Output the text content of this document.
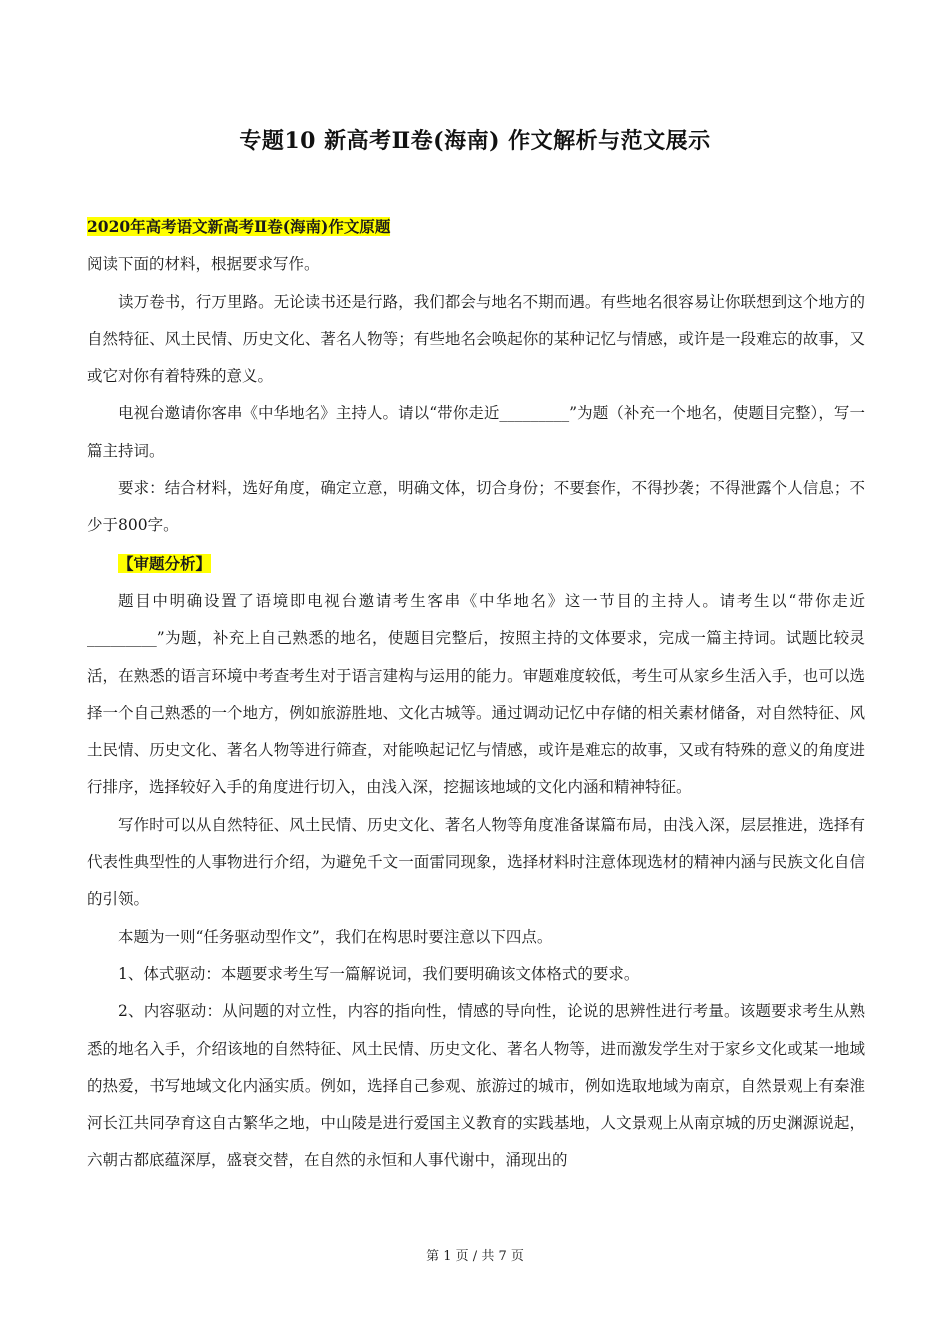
专题10 新高考Ⅱ卷(海南) 作文解析与范文展示

2020年高考语文新高考Ⅱ卷(海南)作文原题

阅读下面的材料，根据要求写作。

读万卷书，行万里路。无论读书还是行路，我们都会与地名不期而遇。有些地名很容易让你联想到这个地方的自然特征、风土民情、历史文化、著名人物等；有些地名会唤起你的某种记忆与情感，或许是一段难忘的故事，又或它对你有着特殊的意义。

电视台邀请你客串《中华地名》主持人。请以“带你走近_________”为题（补充一个地名，使题目完整），写一篇主持词。

要求：结合材料，选好角度，确定立意，明确文体，切合身份；不要套作，不得抄袭；不得泄露个人信息；不少于800字。

【审题分析】

题目中明确设置了语境即电视台邀请考生客串《中华地名》这一节目的主持人。请考生以“带你走近_________”为题，补充上自己熟悉的地名，使题目完整后，按照主持的文体要求，完成一篇主持词。试题比较灵活，在熟悉的语言环境中考查考生对于语言建构与运用的能力。审题难度较低，考生可从家乡生活入手，也可以选择一个自己熟悉的一个地方，例如旅游胜地、文化古城等。通过调动记忆中存储的相关素材储备，对自然特征、风土民情、历史文化、著名人物等进行筛查，对能唤起记忆与情感，或许是难忘的故事，又或有特殊的意义的角度进行排序，选择较好入手的角度进行切入，由浅入深，挖掘该地域的文化内涵和精神特征。

写作时可以从自然特征、风土民情、历史文化、著名人物等角度准备谋篇布局，由浅入深，层层推进，选择有代表性典型性的人事物进行介绍，为避免千文一面雷同现象，选择材料时注意体现选材的精神内涵与民族文化自信的引领。

本题为一则“任务驱动型作文”，我们在构思时要注意以下四点。

1、体式驱动：本题要求考生写一篇解说词，我们要明确该文体格式的要求。

2、内容驱动：从问题的对立性，内容的指向性，情感的导向性，论说的思辨性进行考量。该题要求考生从熟悉的地名入手，介绍该地的自然特征、风土民情、历史文化、著名人物等，进而激发学生对于家乡文化或某一地域的热爱，书写地域文化内涵实质。例如，选择自己参观、旅游过的城市，例如选取地域为南京，自然景观上有秦淮河长江共同孕育这自古繁华之地，中山陵是进行爱国主义教育的实践基地，人文景观上从南京城的历史渊源说起，六朝古都底蕴深厚，盛衰交替，在自然的永恒和人事代谢中，涌现出的

第 1 页 / 共 7 页
